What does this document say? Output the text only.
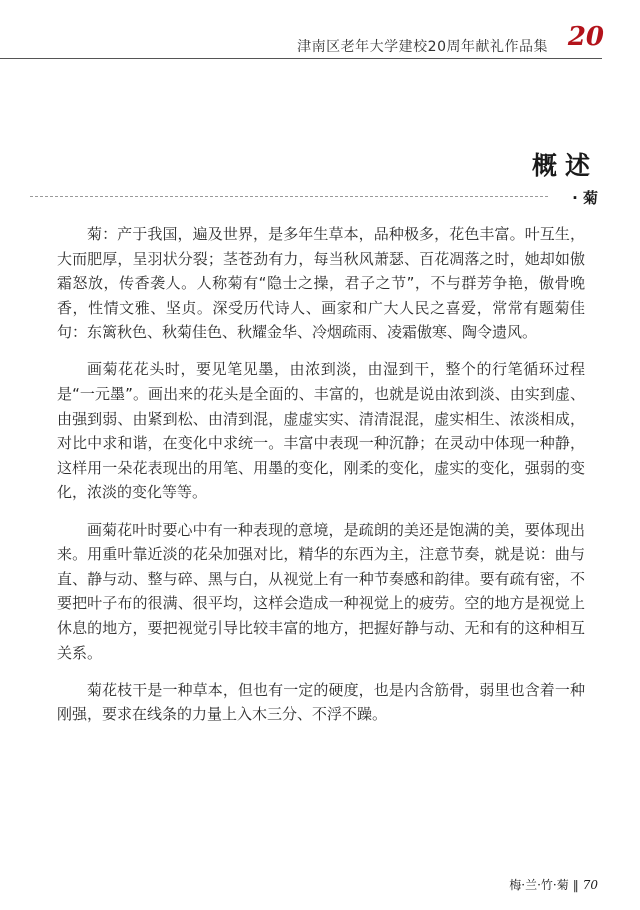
津南区老年大学建校20周年献礼作品集 20
概述
· 菊

菊：产于我国，遍及世界，是多年生草本，品种极多，花色丰富。叶互生，大而肥厚，呈羽状分裂；茎苍劲有力，每当秋风萧瑟、百花凋落之时，她却如傲霜怒放，传香袭人。人称菊有“隐士之操，君子之节”，不与群芳争艳，傲骨晚香，性情文雅、坚贞。深受历代诗人、画家和广大人民之喜爱，常常有题菊佳句：东篱秋色、秋菊佳色、秋耀金华、冷烟疏雨、凌霜傲寒、陶令遗风。

画菊花花头时，要见笔见墨，由浓到淡，由湿到干，整个的行笔循环过程是“一元墨”。画出来的花头是全面的、丰富的，也就是说由浓到淡、由实到虚、由强到弱、由紧到松、由清到混，虚虚实实、清清混混，虚实相生、浓淡相成，对比中求和谐，在变化中求统一。丰富中表现一种沉静；在灵动中体现一种静，这样用一朵花表现出的用笔、用墨的变化，刚柔的变化，虚实的变化，强弱的变化，浓淡的变化等等。

画菊花叶时要心中有一种表现的意境，是疏朗的美还是饱满的美，要体现出来。用重叶靠近淡的花朵加强对比，精华的东西为主，注意节奏，就是说：曲与直、静与动、整与碎、黑与白，从视觉上有一种节奏感和韵律。要有疏有密，不要把叶子布的很满、很平均，这样会造成一种视觉上的疲劳。空的地方是视觉上休息的地方，要把视觉引导比较丰富的地方，把握好静与动、无和有的这种相互关系。

菊花枝干是一种草本，但也有一定的硬度，也是内含筋骨，弱里也含着一种刚强，要求在线条的力量上入木三分、不浮不躁。

梅·兰·竹·菊 ‖ 70
